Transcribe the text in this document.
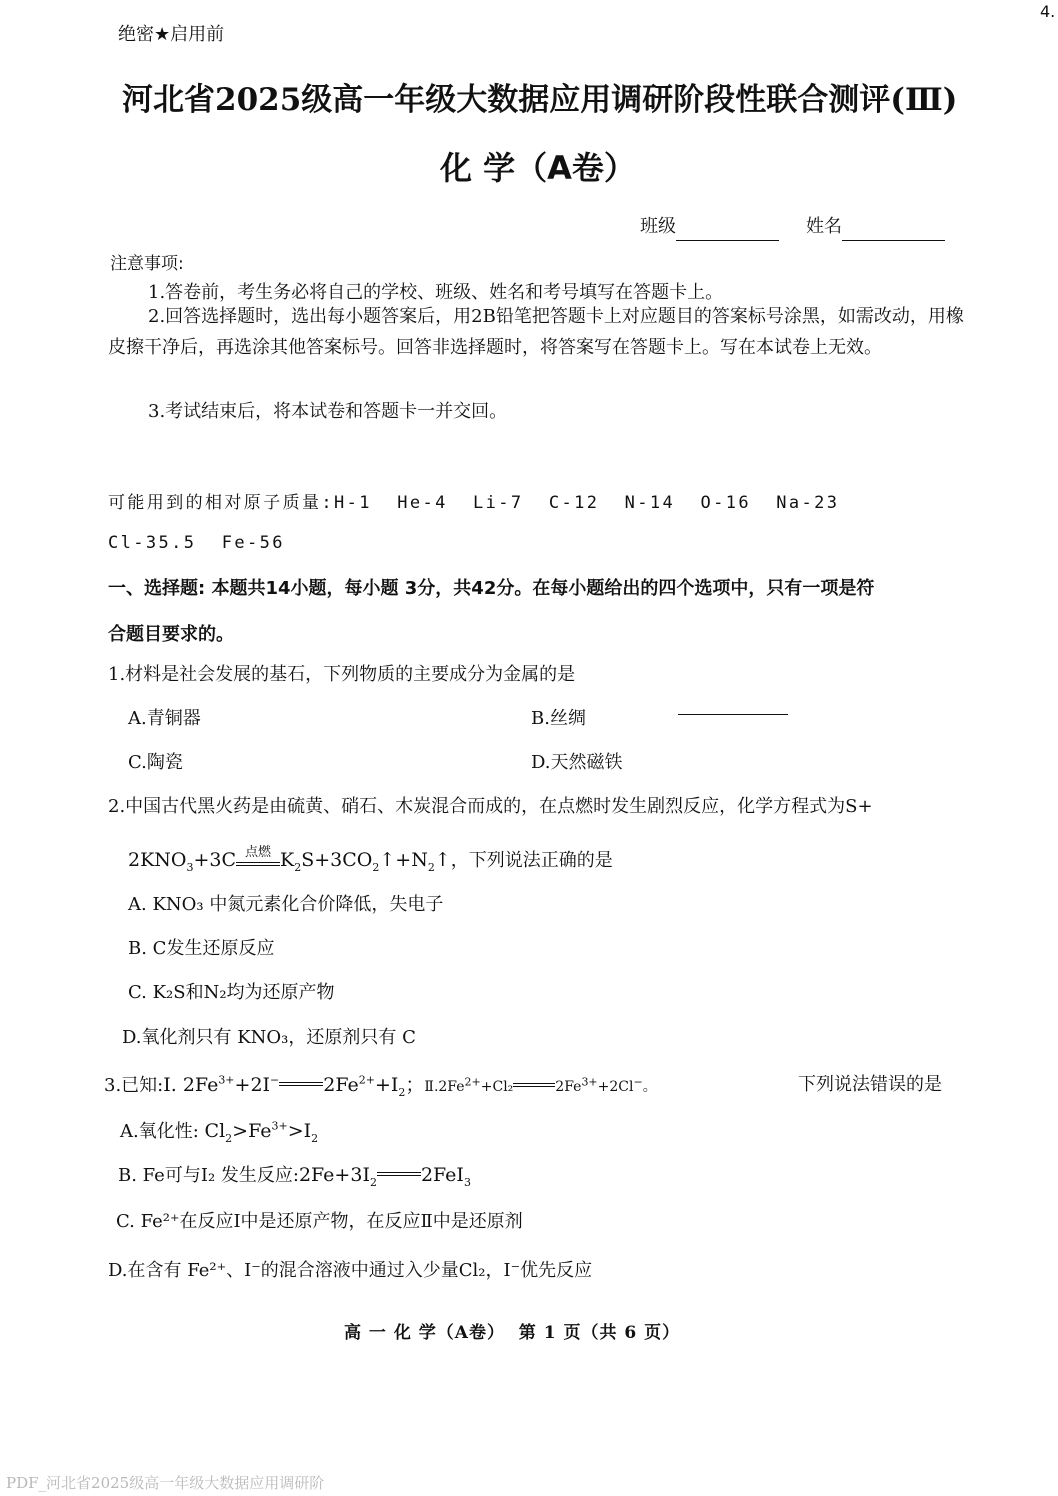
4.
绝密★启用前
河北省2025级高一年级大数据应用调研阶段性联合测评(Ⅲ)
化 学（A卷）
班级	姓名
注意事项:
1.答卷前，考生务必将自己的学校、班级、姓名和考号填写在答题卡上。
2.回答选择题时，选出每小题答案后，用2B铅笔把答题卡上对应题目的答案标号涂黑，如需改动，用橡皮擦干净后，再选涂其他答案标号。回答非选择题时，将答案写在答题卡上。写在本试卷上无效。
3.考试结束后，将本试卷和答题卡一并交回。
可能用到的相对原子质量:H-1  He-4  Li-7  C-12  N-14  O-16  Na-23
Cl-35.5  Fe-56
一、选择题: 本题共14小题，每小题 3分，共42分。在每小题给出的四个选项中，只有一项是符
合题目要求的。
1.材料是社会发展的基石，下列物质的主要成分为金属的是
A.青铜器	B.丝绸
C.陶瓷	D.天然磁铁
2.中国古代黑火药是由硫黄、硝石、木炭混合而成的，在点燃时发生剧烈反应，化学方程式为S+
$2KNO_3+3C$ 点燃 $K_2S+3CO_2↑+N_2↑$，下列说法正确的是
A. KNO₃ 中氮元素化合价降低，失电子
B. C发生还原反应
C. K₂S和N₂均为还原产物
D.氧化剂只有 KNO₃，还原剂只有 C
3.已知:Ⅰ. $2Fe^{3+}+2I^-$ $2Fe^{2+}+I_2$；$Ⅱ.2Fe^{2+}+Cl_2$	$2Fe^{3+}+2Cl^-$。	下列说法错误的是
A.氧化性: $Cl_2>Fe^{3+}>I_2$
B. Fe可与I₂ 发生反应$:2Fe+3I_2$ 2FeI$_3$
C. Fe²⁺在反应Ⅰ中是还原产物，在反应Ⅱ中是还原剂
D.在含有 Fe²⁺、I⁻的混合溶液中通过入少量Cl₂，I⁻优先反应
高 一 化 学（A卷）  第 1 页（共 6 页）
PDF_河北省2025级高一年级大数据应用调研阶
